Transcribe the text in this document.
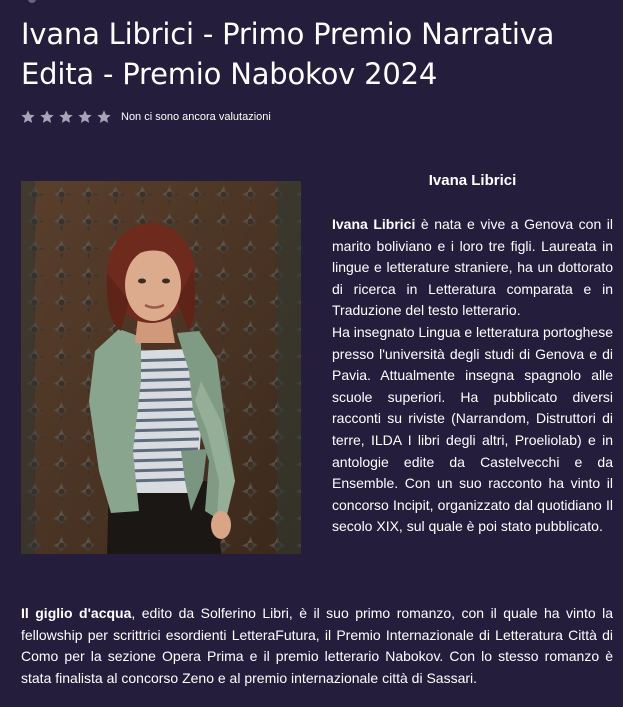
Ivana Librici - Primo Premio Narrativa Edita - Premio Nabokov 2024
Non ci sono ancora valutazioni
Ivana Librici

Ivana Librici è nata e vive a Genova con il marito boliviano e i loro tre figli. Laureata in lingue e letterature straniere, ha un dottorato di ricerca in Letteratura comparata e in Traduzione del testo letterario.

Ha insegnato Lingua e letteratura portoghese presso l'università degli studi di Genova e di Pavia. Attualmente insegna spagnolo alle scuole superiori. Ha pubblicato diversi racconti su riviste (Narrandom, Distruttori di terre, ILDA I libri degli altri, Proeliolab) e in antologie edite da Castelvecchi e da Ensemble. Con un suo racconto ha vinto il concorso Incipit, organizzato dal quotidiano Il secolo XIX, sul quale è poi stato pubblicato.

Il giglio d'acqua, edito da Solferino Libri, è il suo primo romanzo, con il quale ha vinto la fellowship per scrittrici esordienti LetteraFutura, il Premio Internazionale di Letteratura Città di Como per la sezione Opera Prima e il premio letterario Nabokov. Con lo stesso romanzo è stata finalista al concorso Zeno e al premio internazionale città di Sassari.
